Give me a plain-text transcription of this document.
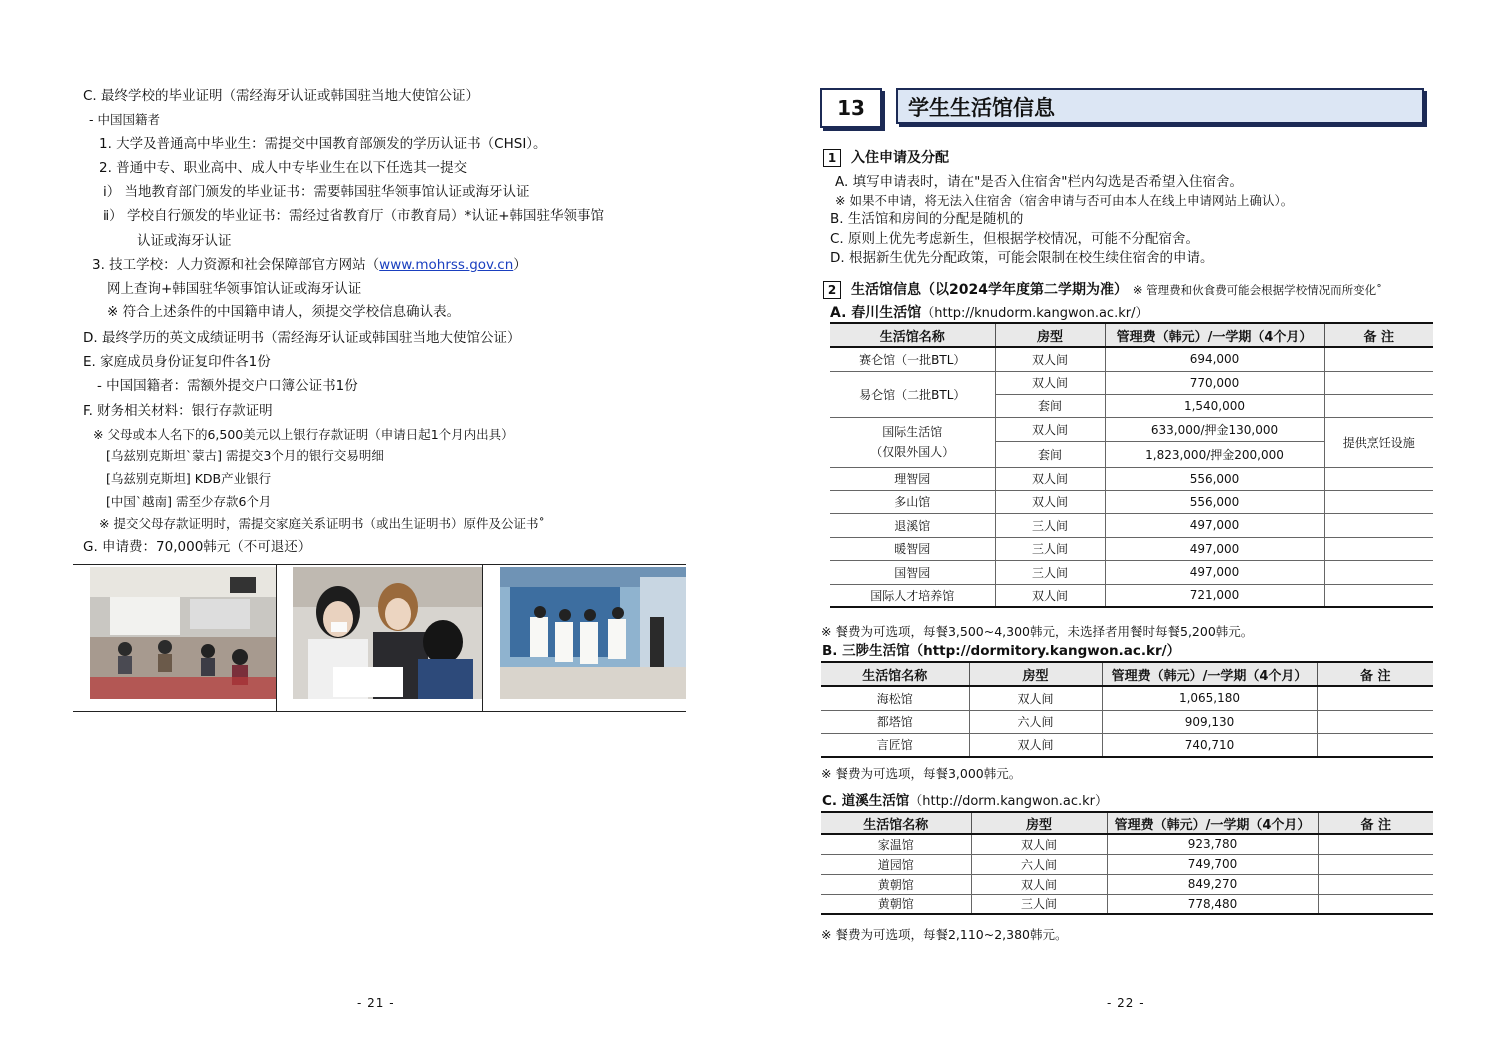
C. 最终学校的毕业证明（需经海牙认证或韩国驻当地大使馆公证）
- 中国国籍者
1. 大学及普通高中毕业生：需提交中国教育部颁发的学历认证书（CHSI）。
2. 普通中专、职业高中、成人中专毕业生在以下任选其一提交
ⅰ） 当地教育部门颁发的毕业证书：需要韩国驻华领事馆认证或海牙认证
ⅱ） 学校自行颁发的毕业证书：需经过省教育厅（市教育局）*认证+韩国驻华领事馆
认证或海牙认证
3. 技工学校：人力资源和社会保障部官方网站（www.mohrss.gov.cn）
网上查询+韩国驻华领事馆认证或海牙认证
※ 符合上述条件的中国籍申请人，须提交学校信息确认表。
D. 最终学历的英文成绩证明书（需经海牙认证或韩国驻当地大使馆公证）
E. 家庭成员身份证复印件各1份
- 中国国籍者：需额外提交户口簿公证书1份
F. 财务相关材料：银行存款证明
※ 父母或本人名下的6,500美元以上银行存款证明（申请日起1个月内出具）
[乌兹别克斯坦ˋ蒙古] 需提交3个月的银行交易明细
[乌兹别克斯坦] KDB产业银行
[中国ˋ越南] 需至少存款6个月
※ 提交父母存款证明时，需提交家庭关系证明书（或出生证明书）原件及公证书˚
G. 申请费：70,000韩元（不可退还）
- 21 -
13	学生生活馆信息
1 入住申请及分配
A. 填写申请表时，请在"是否入住宿舍"栏内勾选是否希望入住宿舍。
※ 如果不申请，将无法入住宿舍（宿舍申请与否可由本人在线上申请网站上确认）。
B. 生活馆和房间的分配是随机的
C. 原则上优先考虑新生，但根据学校情况，可能不分配宿舍。
D. 根据新生优先分配政策，可能会限制在校生续住宿舍的申请。
2 生活馆信息（以2024学年度第二学期为准） ※ 管理费和伙食费可能会根据学校情况而所变化˚
A. 春川生活馆（http://knudorm.kangwon.ac.kr/）
生活馆名称	房型	管理费（韩元）/一学期（4个月）	备 注
赛仑馆（一批BTL）	双人间	694,000	
易仑馆（二批BTL）	双人间	770,000	
	套间	1,540,000	

国际生活馆
（仅限外国人）	双人间	633,000/押金130,000	提供烹饪设施
	套间	1,823,000/押金200,000	
理智园	双人间	556,000	
多山馆	双人间	556,000	
退溪馆	三人间	497,000	
暖智园	三人间	497,000	
国智园	三人间	497,000	
国际人才培养馆	双人间	721,000	
※ 餐费为可选项，每餐3,500~4,300韩元，未选择者用餐时每餐5,200韩元。
B. 三陟生活馆（http://dormitory.kangwon.ac.kr/）
生活馆名称	房型	管理费（韩元）/一学期（4个月）	备 注
海松馆	双人间	1,065,180	
都塔馆	六人间	909,130	
言匠馆	双人间	740,710	
※ 餐费为可选项，每餐3,000韩元。
C. 道溪生活馆（http://dorm.kangwon.ac.kr）
生活馆名称	房型	管理费（韩元）/一学期（4个月）	备 注
家温馆	双人间	923,780	
道园馆	六人间	749,700	
黄朝馆	双人间	849,270	
黄朝馆	三人间	778,480	
※ 餐费为可选项，每餐2,110~2,380韩元。
- 22 -
